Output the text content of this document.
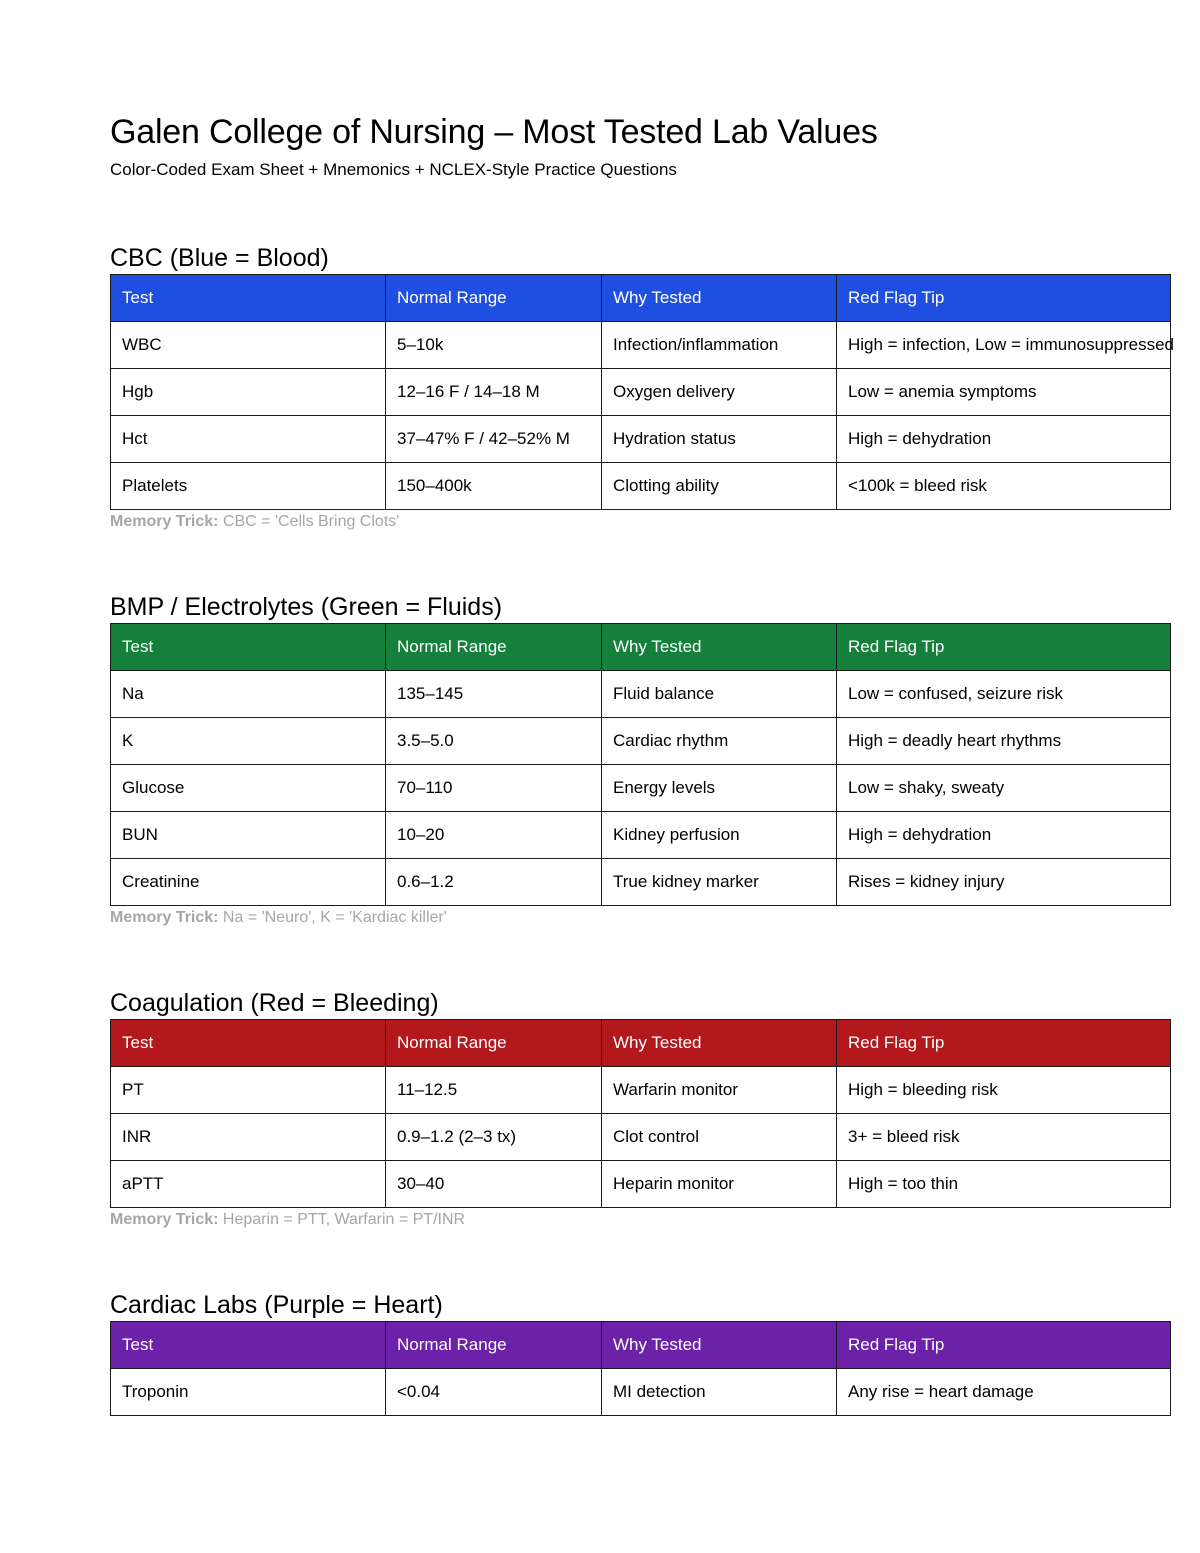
Galen College of Nursing – Most Tested Lab Values

Color-Coded Exam Sheet + Mnemonics + NCLEX-Style Practice Questions

CBC (Blue = Blood)
Test	Normal Range	Why Tested	Red Flag Tip
WBC	5–10k	Infection/inflammation	High = infection, Low = immunosuppressed
Hgb	12–16 F / 14–18 M	Oxygen delivery	Low = anemia symptoms
Hct	37–47% F / 42–52% M	Hydration status	High = dehydration
Platelets	150–400k	Clotting ability	<100k = bleed risk

Memory Trick: CBC = 'Cells Bring Clots'

BMP / Electrolytes (Green = Fluids)
Test	Normal Range	Why Tested	Red Flag Tip
Na	135–145	Fluid balance	Low = confused, seizure risk
K	3.5–5.0	Cardiac rhythm	High = deadly heart rhythms
Glucose	70–110	Energy levels	Low = shaky, sweaty
BUN	10–20	Kidney perfusion	High = dehydration
Creatinine	0.6–1.2	True kidney marker	Rises = kidney injury

Memory Trick: Na = 'Neuro', K = 'Kardiac killer'

Coagulation (Red = Bleeding)
Test	Normal Range	Why Tested	Red Flag Tip
PT	11–12.5	Warfarin monitor	High = bleeding risk
INR	0.9–1.2 (2–3 tx)	Clot control	3+ = bleed risk
aPTT	30–40	Heparin monitor	High = too thin

Memory Trick: Heparin = PTT, Warfarin = PT/INR

Cardiac Labs (Purple = Heart)
Test	Normal Range	Why Tested	Red Flag Tip
Troponin	<0.04	MI detection	Any rise = heart damage
